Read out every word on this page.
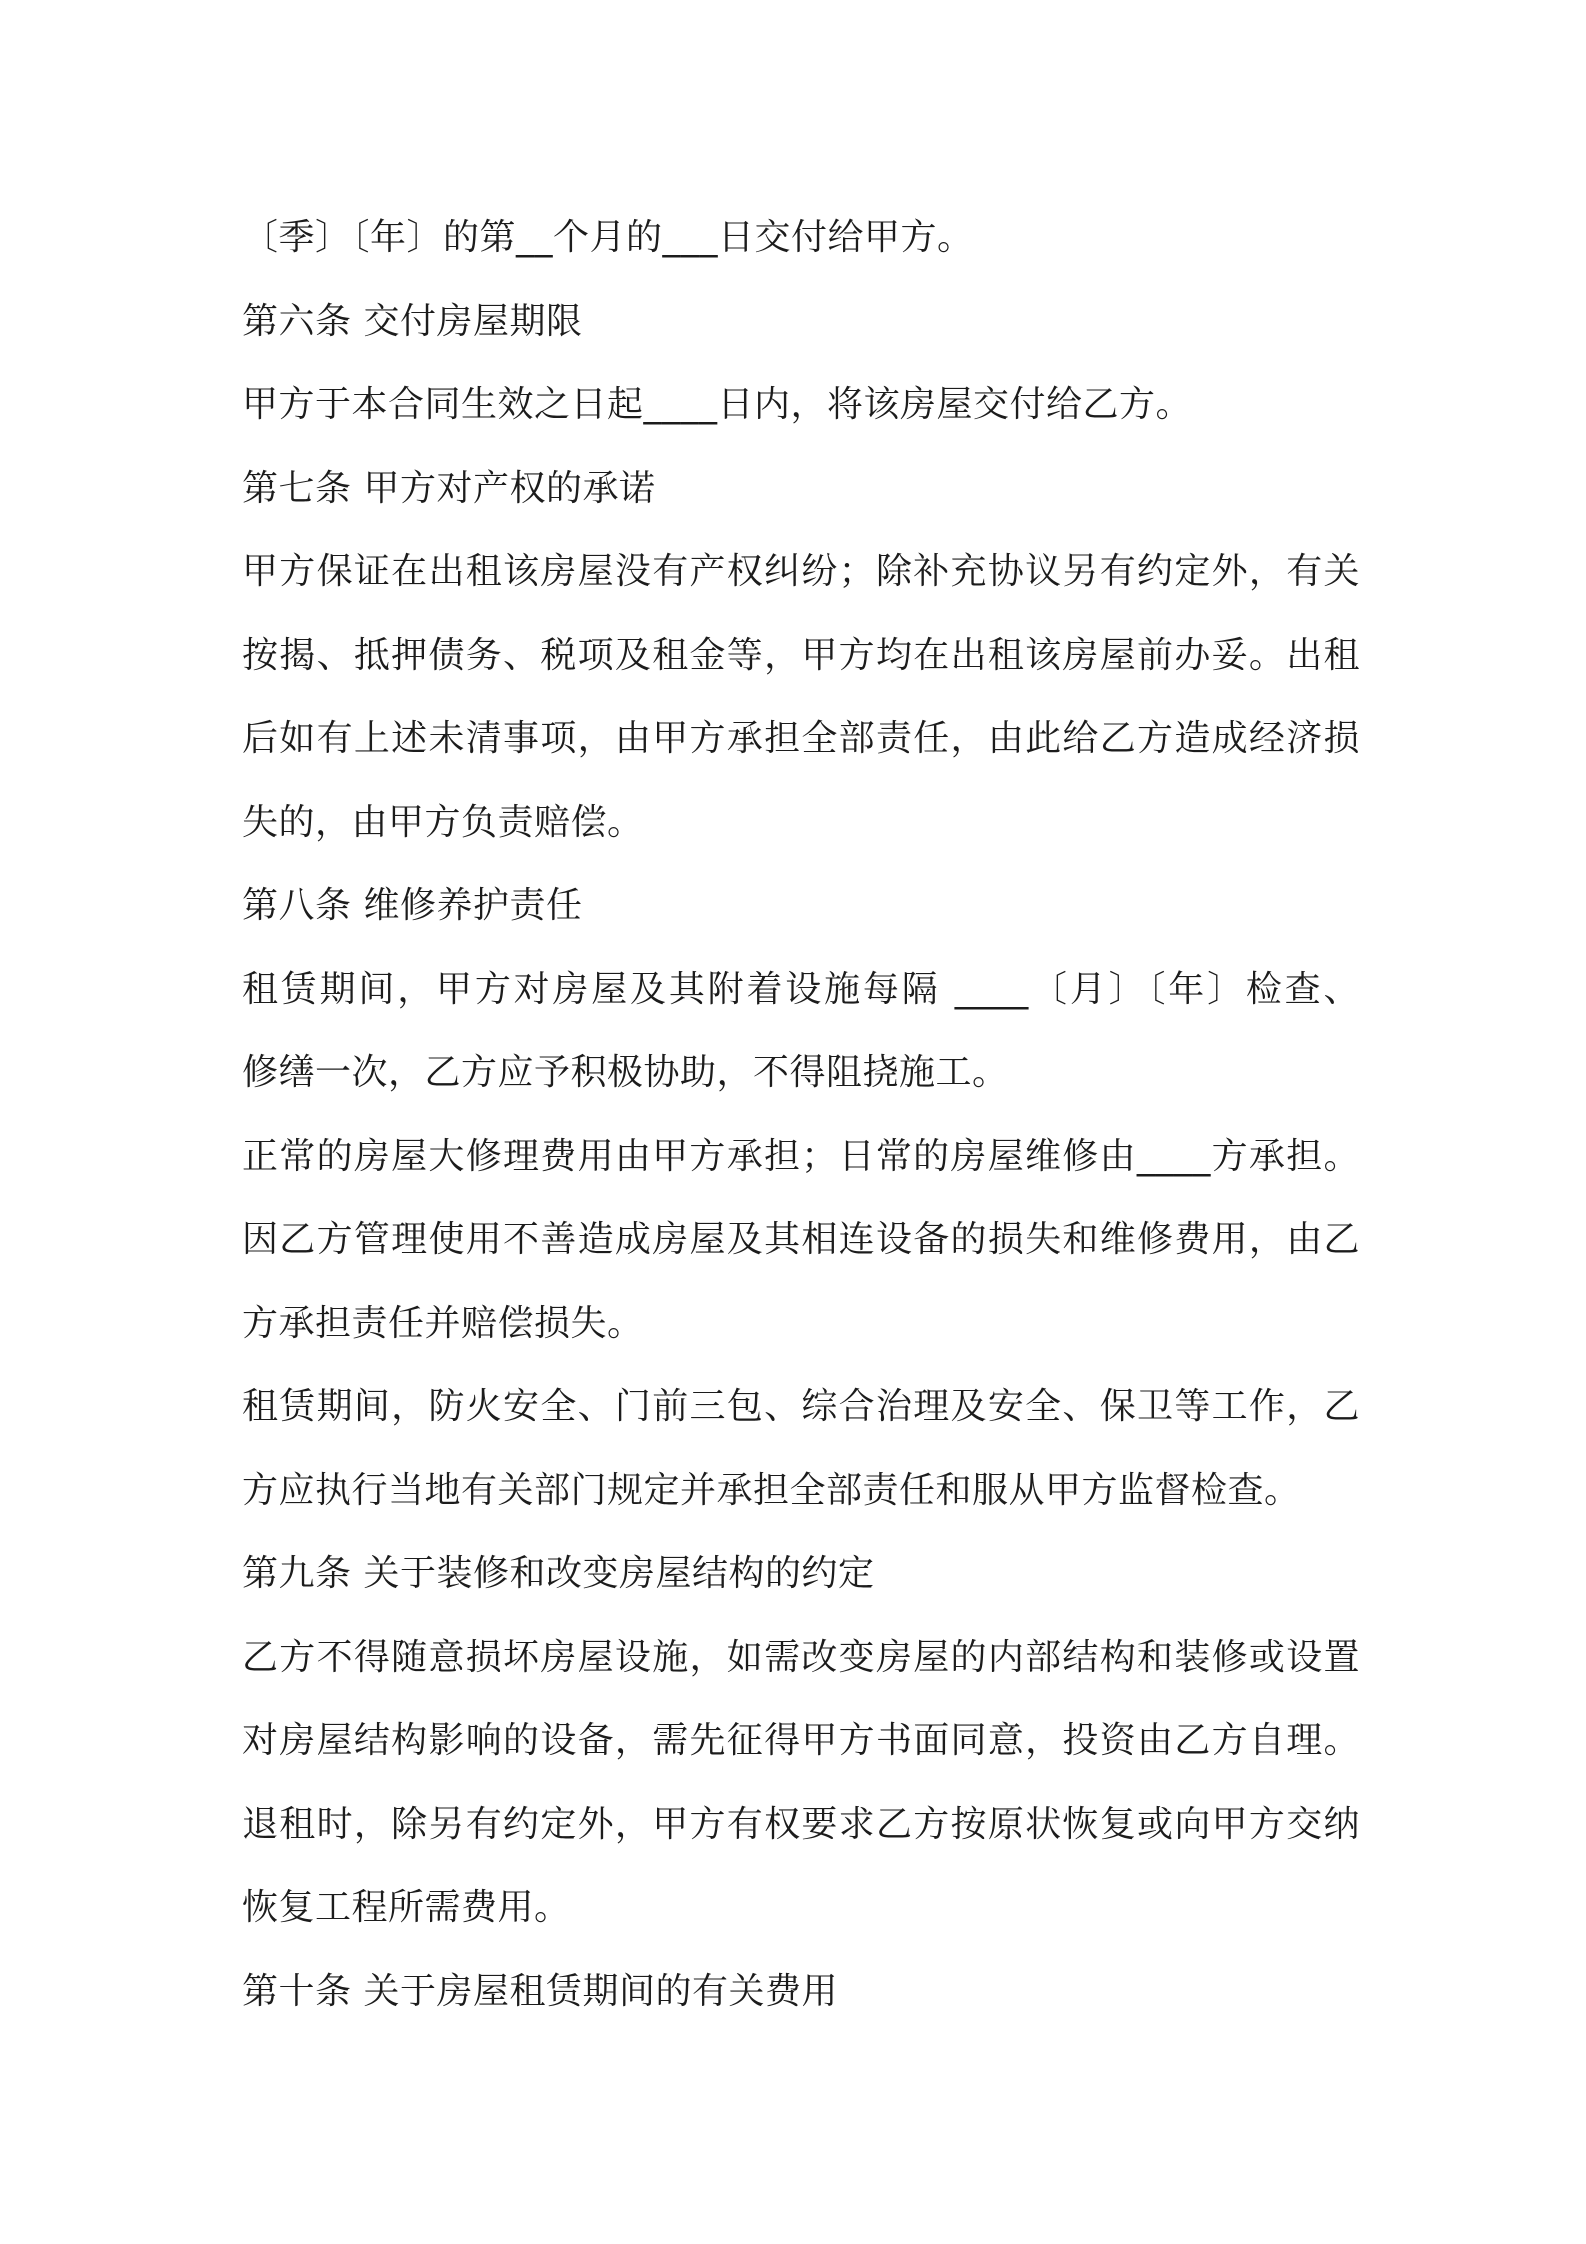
〔季〕〔年〕的第__个月的___日交付给甲方。
第六条 交付房屋期限
甲方于本合同生效之日起____日内，将该房屋交付给乙方。
第七条 甲方对产权的承诺
甲方保证在出租该房屋没有产权纠纷；除补充协议另有约定外，有关
按揭、抵押债务、税项及租金等，甲方均在出租该房屋前办妥。出租
后如有上述未清事项，由甲方承担全部责任，由此给乙方造成经济损
失的，由甲方负责赔偿。
第八条 维修养护责任
租赁期间，甲方对房屋及其附着设施每隔 ____〔月〕〔年〕检查、
修缮一次，乙方应予积极协助，不得阻挠施工。
正常的房屋大修理费用由甲方承担；日常的房屋维修由____方承担。
因乙方管理使用不善造成房屋及其相连设备的损失和维修费用，由乙
方承担责任并赔偿损失。
租赁期间，防火安全、门前三包、综合治理及安全、保卫等工作，乙
方应执行当地有关部门规定并承担全部责任和服从甲方监督检查。
第九条 关于装修和改变房屋结构的约定
乙方不得随意损坏房屋设施，如需改变房屋的内部结构和装修或设置
对房屋结构影响的设备，需先征得甲方书面同意，投资由乙方自理。
退租时，除另有约定外，甲方有权要求乙方按原状恢复或向甲方交纳
恢复工程所需费用。
第十条 关于房屋租赁期间的有关费用
